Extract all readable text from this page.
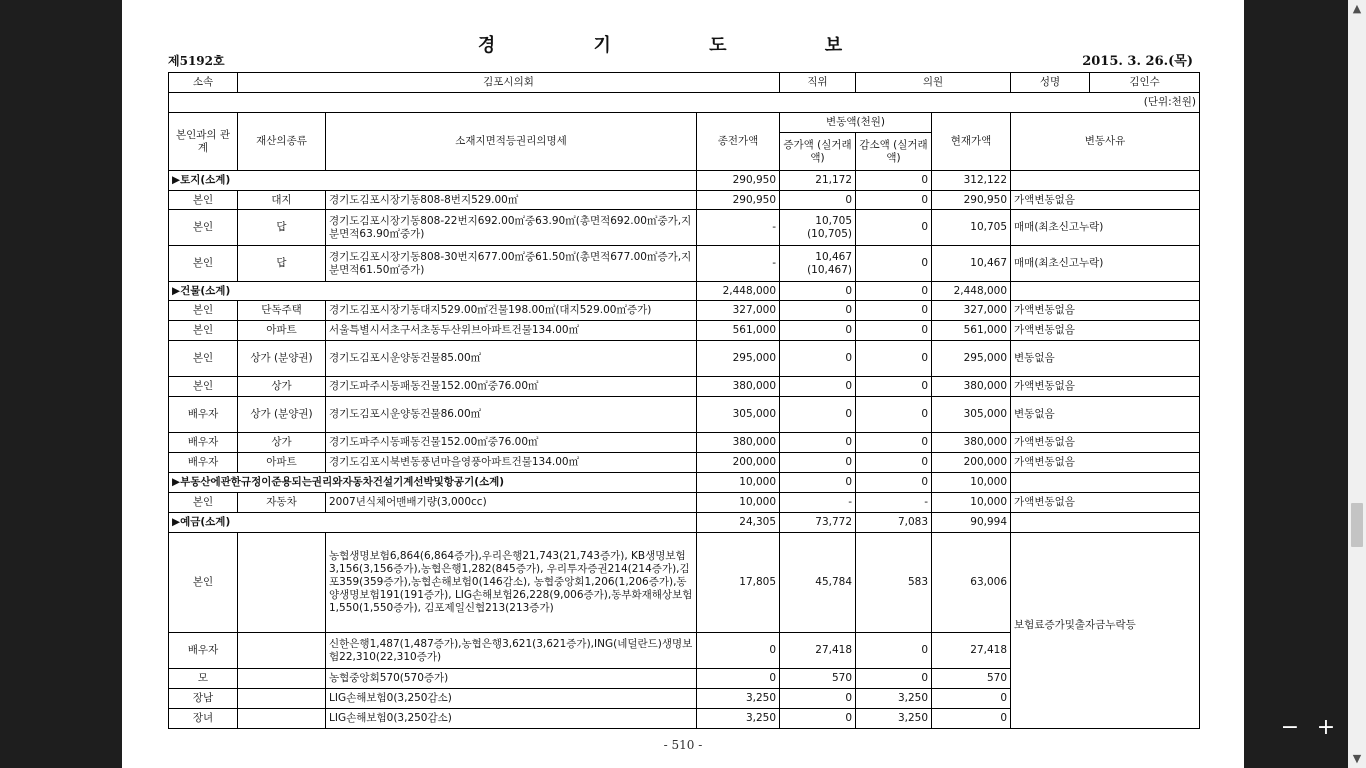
경 기 도 보
제5192호	2015. 3. 26.(목)
소속	김포시의회			직위	의원		성명 김인수

(단위:천원)							
본인과의 관계	재산의종류	소재지면적등권리의명세	종전가액	변동액(천원)		현재가액	변동사유
				증가액 (실거래액)	감소액 (실거래액)		
▶토지(소계)			290,950	21,172	0	312,122	
본인	대지	경기도김포시장기동808-8번지529.00㎡	290,950	0	0	290,950	가액변동없음
본인	답	경기도김포시장기동808-22번지692.00㎡중63.90㎡(총면적692.00㎡중가,지분면적63.90㎡중가)	-	10,705 (10,705)	0	10,705	매매(최초신고누락)
본인	답	경기도김포시장기동808-30번지677.00㎡중61.50㎡(총면적677.00㎡증가,지분면적61.50㎡증가)	-	10,467 (10,467)	0	10,467	매매(최초신고누락)
▶건물(소계)			2,448,000	0	0	2,448,000	
본인	단독주택	경기도김포시장기동대지529.00㎡건물198.00㎡(대지529.00㎡증가)	327,000	0	0	327,000	가액변동없음
본인	아파트	서울특별시서초구서초동두산위브아파트건물134.00㎡	561,000	0	0	561,000	가액변동없음
본인	상가 (분양권)	경기도김포시운양동건물85.00㎡	295,000	0	0	295,000	변동없음
본인	상가	경기도파주시동패동건물152.00㎡중76.00㎡	380,000	0	0	380,000	가액변동없음
배우자	상가 (분양권)	경기도김포시운양동건물86.00㎡	305,000	0	0	305,000	변동없음
배우자	상가	경기도파주시동패동건물152.00㎡중76.00㎡	380,000	0	0	380,000	가액변동없음
배우자	아파트	경기도김포시북변동풍년마을영풍아파트건물134.00㎡	200,000	0	0	200,000	가액변동없음
▶부동산에관한규정이준용되는권리와자동차건설기계선박및항공기(소계)			10,000	0	0	10,000	
본인	자동차	2007년식체어맨배기량(3,000cc)	10,000	-	-	10,000	가액변동없음
▶예금(소계)			24,305	73,772	7,083	90,994	
본인		농협생명보험6,864(6,864증가),우리은행21,743(21,743증가), KB생명보험3,156(3,156증가),농협은행1,282(845증가), 우리투자증권214(214증가),김포359(359증가),농협손해보험0(146감소), 농협중앙회1,206(1,206증가),동양생명보험191(191증가), LIG손해보험26,228(9,006증가),동부화재해상보험1,550(1,550증가), 김포제일신협213(213증가)	17,805	45,784	583	63,006	보험료증가및출자금누락등
배우자		신한은행1,487(1,487증가),농협은행3,621(3,621증가),ING(네덜란드)생명보험22,310(22,310증가)	0	27,418	0	27,418	
모		농협중앙회570(570증가)	0	570	0	570	
장남		LIG손해보험0(3,250감소)	3,250	0	3,250	0	
장녀		LIG손해보험0(3,250감소)	3,250	0	3,250	0	
- 510 -
− +
▲
▼
